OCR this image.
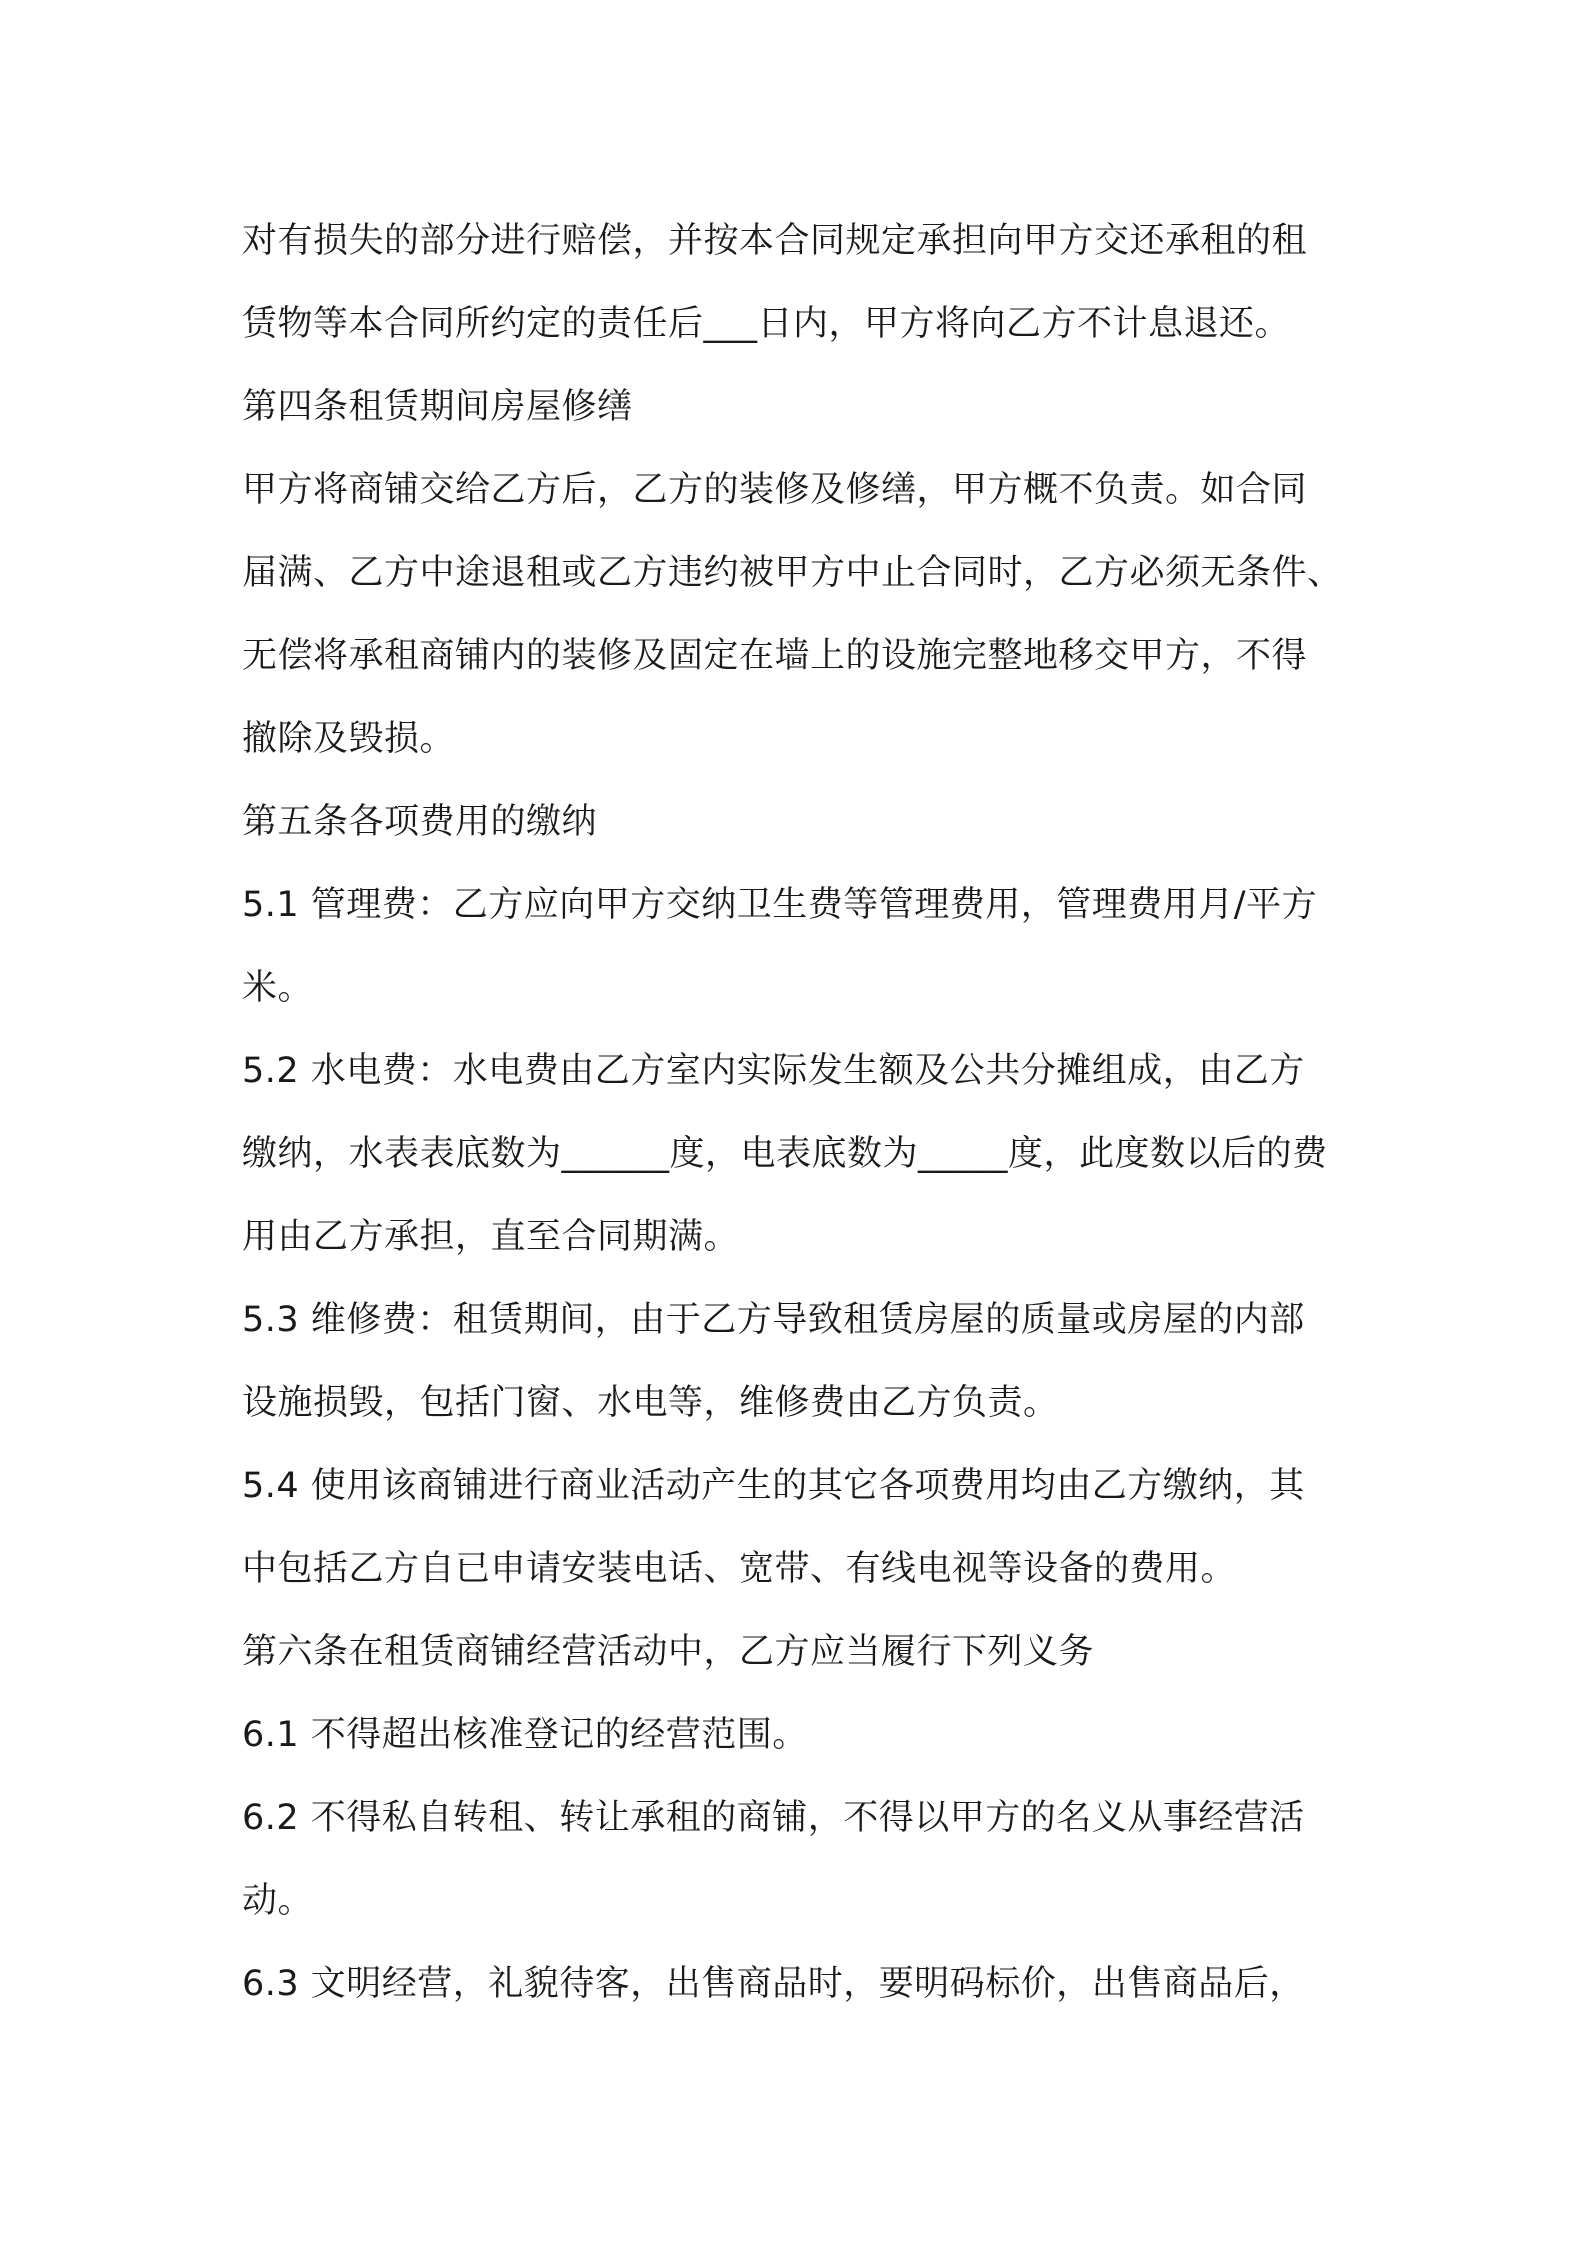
对有损失的部分进行赔偿，并按本合同规定承担向甲方交还承租的租
赁物等本合同所约定的责任后___日内，甲方将向乙方不计息退还。
第四条租赁期间房屋修缮
甲方将商铺交给乙方后，乙方的装修及修缮，甲方概不负责。如合同
届满、乙方中途退租或乙方违约被甲方中止合同时，乙方必须无条件、
无偿将承租商铺内的装修及固定在墙上的设施完整地移交甲方，不得
撤除及毁损。
第五条各项费用的缴纳
5.1 管理费：乙方应向甲方交纳卫生费等管理费用，管理费用月/平方
米。
5.2 水电费：水电费由乙方室内实际发生额及公共分摊组成，由乙方
缴纳，水表表底数为______度，电表底数为_____度，此度数以后的费
用由乙方承担，直至合同期满。
5.3 维修费：租赁期间，由于乙方导致租赁房屋的质量或房屋的内部
设施损毁，包括门窗、水电等，维修费由乙方负责。
5.4 使用该商铺进行商业活动产生的其它各项费用均由乙方缴纳，其
中包括乙方自已申请安装电话、宽带、有线电视等设备的费用。
第六条在租赁商铺经营活动中，乙方应当履行下列义务
6.1 不得超出核准登记的经营范围。
6.2 不得私自转租、转让承租的商铺，不得以甲方的名义从事经营活
动。
6.3 文明经营，礼貌待客，出售商品时，要明码标价，出售商品后，
